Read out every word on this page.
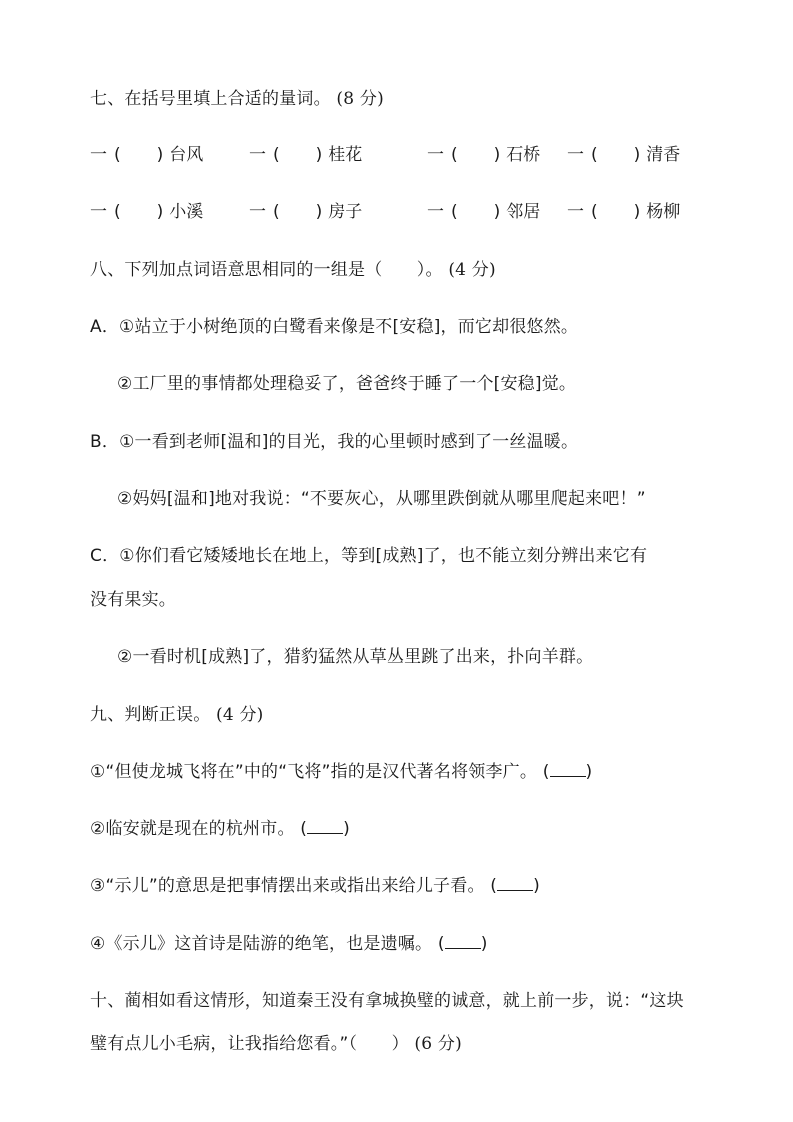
七、在括号里填上合适的量词。 (8 分)
一 ( ) 台风	一 ( ) 桂花	一 ( ) 石桥 一 ( ) 清香
一 ( ) 小溪	一 ( ) 房子	一 ( ) 邻居 一 ( ) 杨柳
八、下列加点词语意思相同的一组是（　　）。 (4 分)
A．①站立于小树绝顶的白鹭看来像是不[安稳]，而它却很悠然。
②工厂里的事情都处理稳妥了，爸爸终于睡了一个[安稳]觉。
B．①一看到老师[温和]的目光，我的心里顿时感到了一丝温暖。
②妈妈[温和]地对我说：“不要灰心，从哪里跌倒就从哪里爬起来吧！”
C．①你们看它矮矮地长在地上，等到[成熟]了，也不能立刻分辨出来它有
没有果实。
②一看时机[成熟]了，猎豹猛然从草丛里跳了出来，扑向羊群。
九、判断正误。 (4 分)
①“但使龙城飞将在”中的“飞将”指的是汉代著名将领李广。 ( )
②临安就是现在的杭州市。 ( )
③“示儿”的意思是把事情摆出来或指出来给儿子看。 ( )
④《示儿》这首诗是陆游的绝笔，也是遗嘱。 ( )
十、蔺相如看这情形，知道秦王没有拿城换璧的诚意，就上前一步，说：“这块
璧有点儿小毛病，让我指给您看。”（　　） (6 分)
